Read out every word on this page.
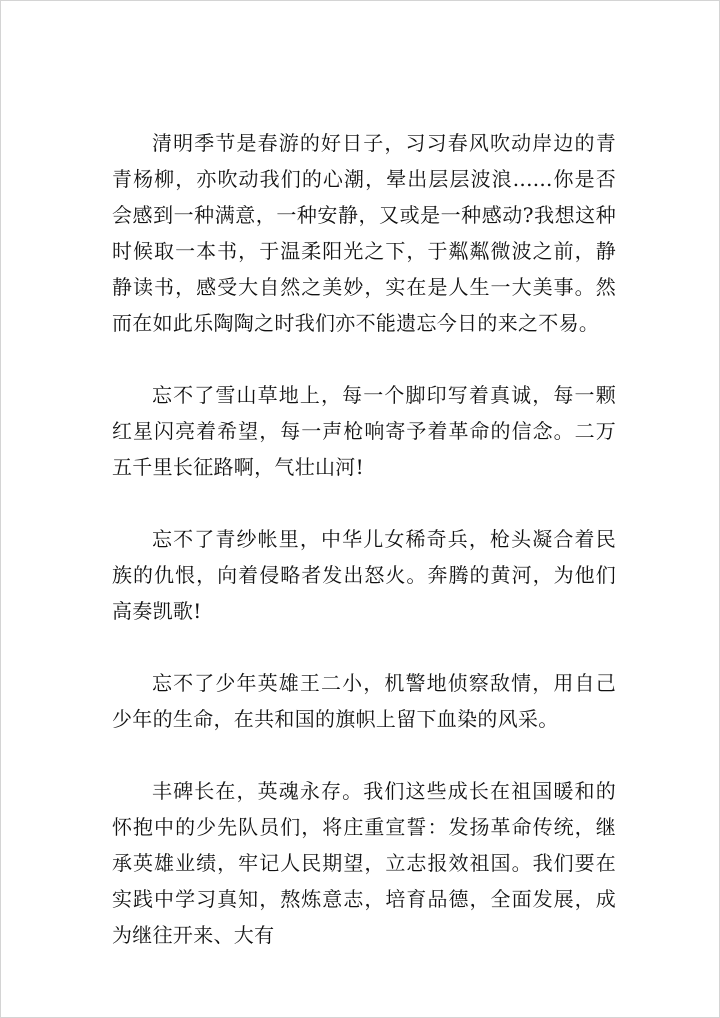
清明季节是春游的好日子，习习春风吹动岸边的青青杨柳，亦吹动我们的心潮，晕出层层波浪......你是否会感到一种满意，一种安静，又或是一种感动?我想这种时候取一本书，于温柔阳光之下，于粼粼微波之前，静静读书，感受大自然之美妙，实在是人生一大美事。然而在如此乐陶陶之时我们亦不能遗忘今日的来之不易。

忘不了雪山草地上，每一个脚印写着真诚，每一颗红星闪亮着希望，每一声枪响寄予着革命的信念。二万五千里长征路啊，气壮山河!

忘不了青纱帐里，中华儿女稀奇兵，枪头凝合着民族的仇恨，向着侵略者发出怒火。奔腾的黄河，为他们高奏凯歌!

忘不了少年英雄王二小，机警地侦察敌情，用自己少年的生命，在共和国的旗帜上留下血染的风采。

丰碑长在，英魂永存。我们这些成长在祖国暖和的怀抱中的少先队员们，将庄重宣誓：发扬革命传统，继承英雄业绩，牢记人民期望，立志报效祖国。我们要在实践中学习真知，熬炼意志，培育品德，全面发展，成为继往开来、大有
